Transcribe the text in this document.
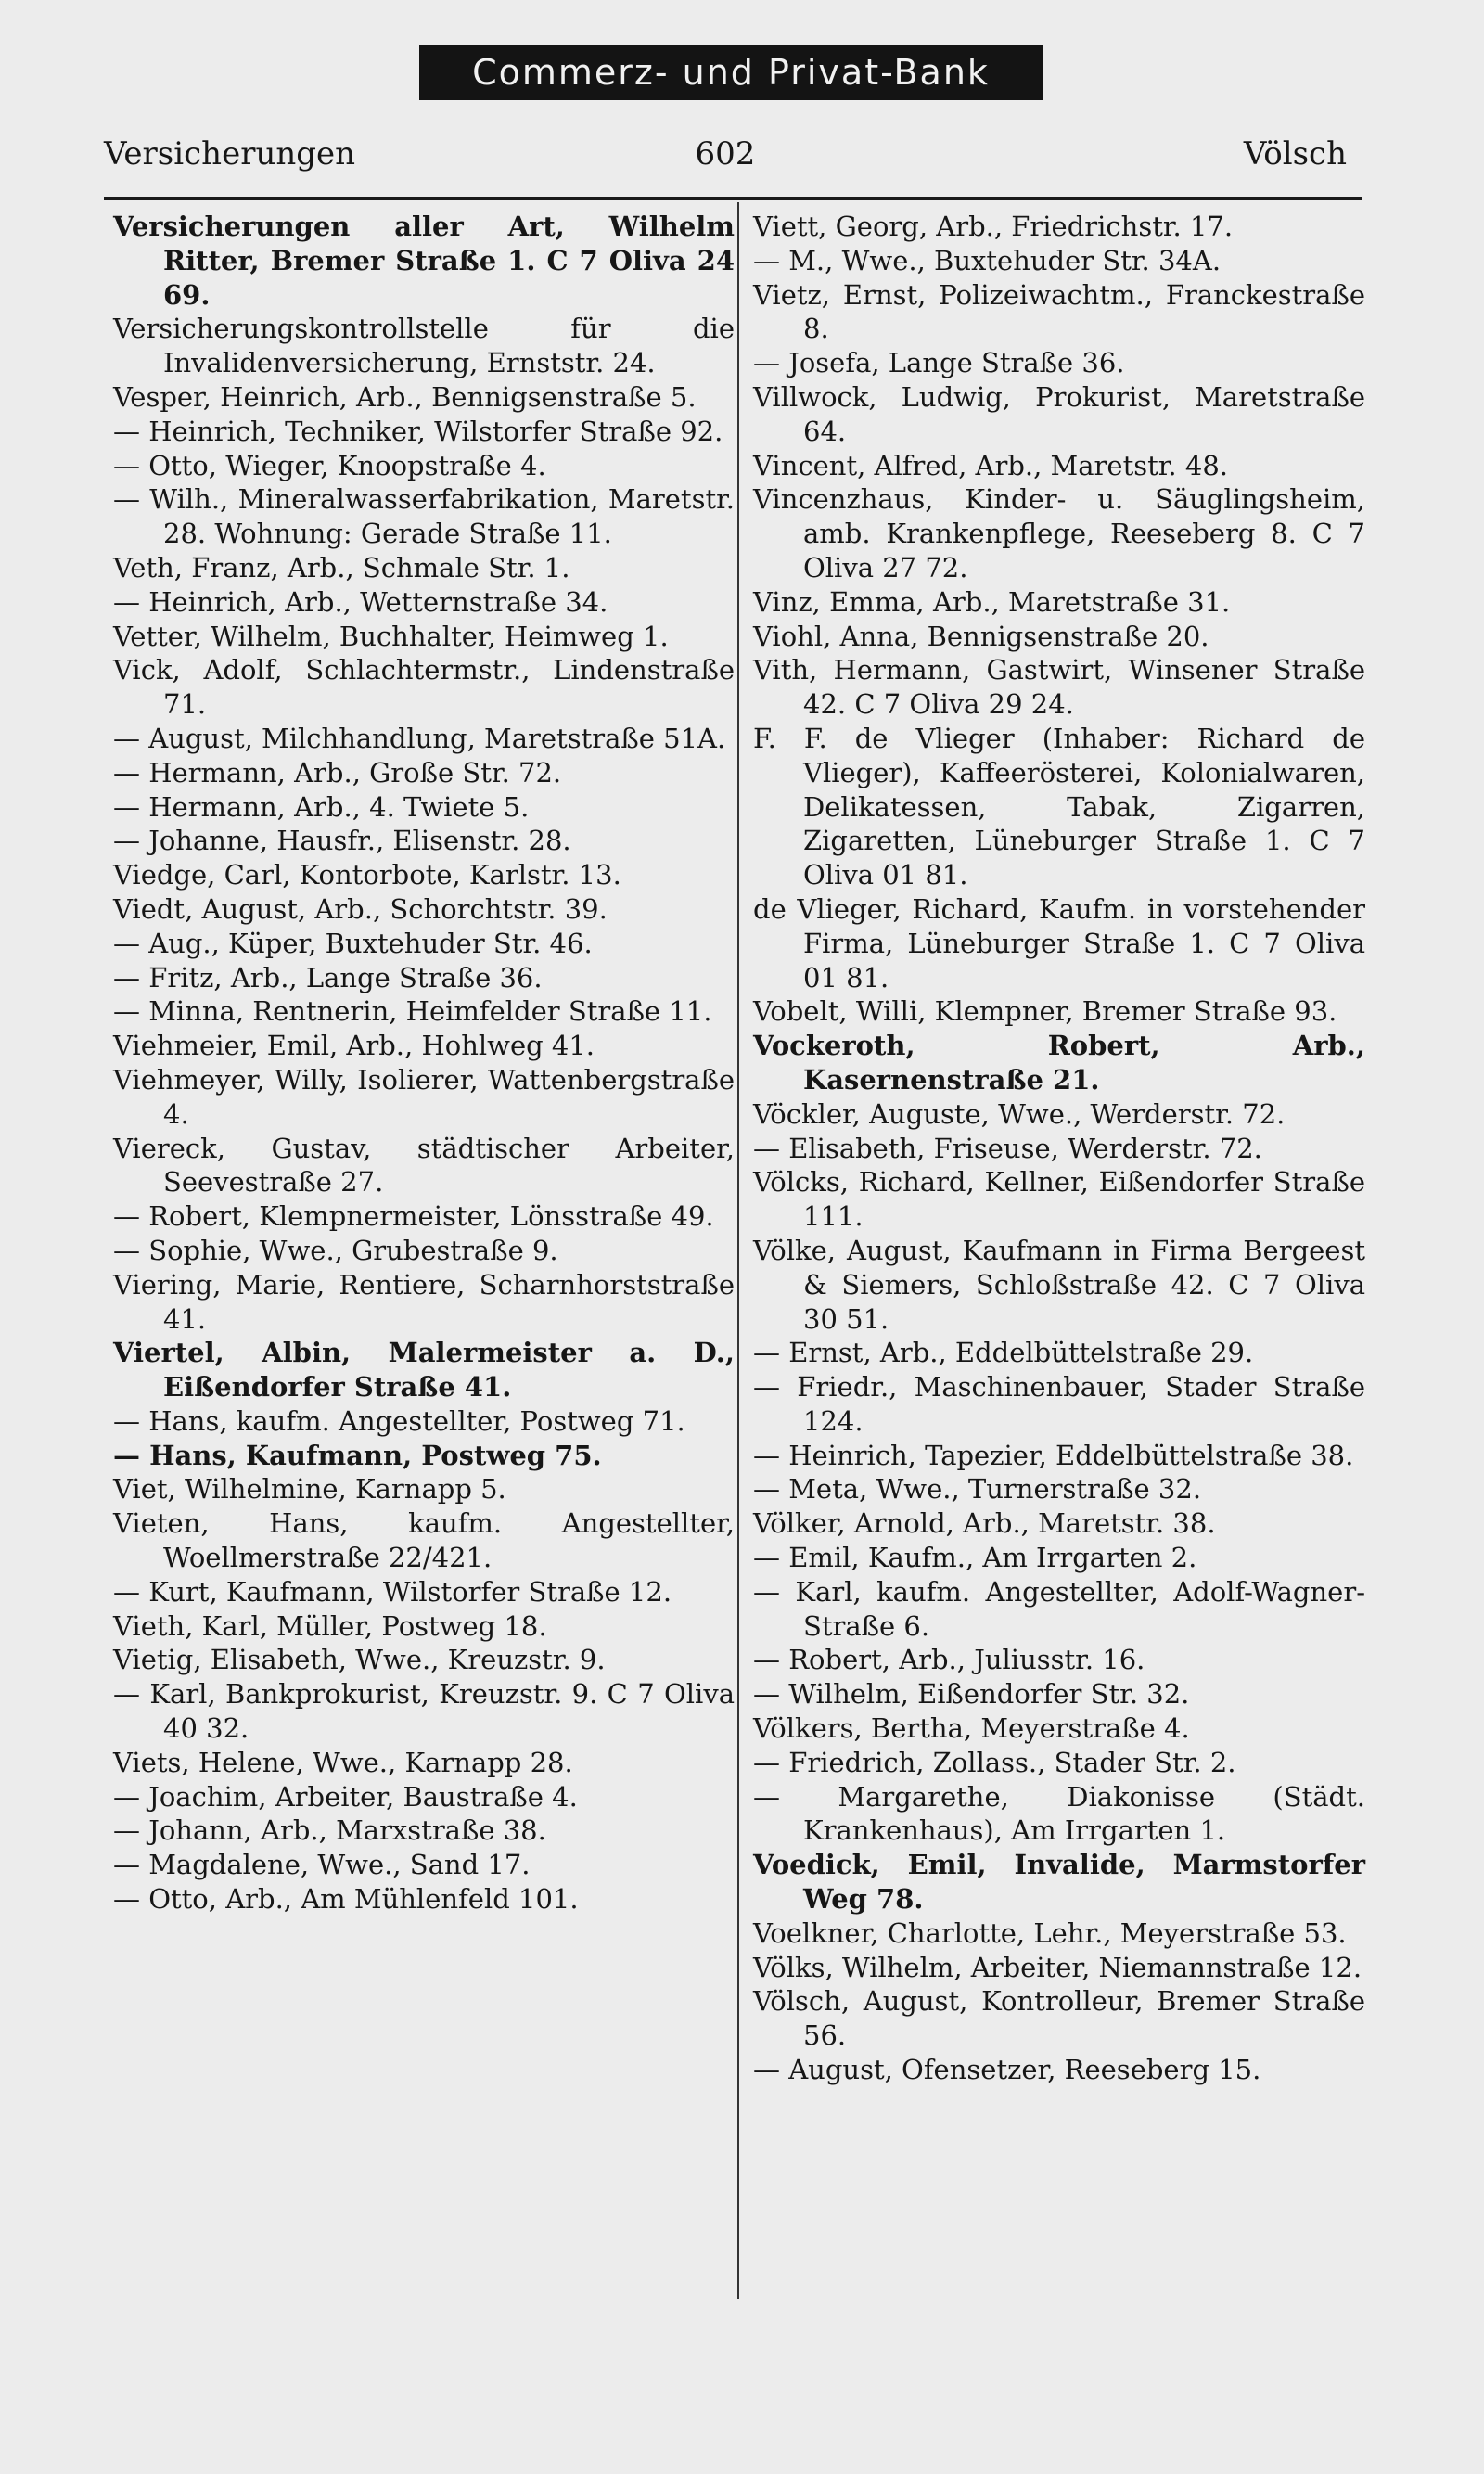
Commerz- und Privat-Bank
Versicherungen	602	Völsch

Versicherungen aller Art, Wilhelm Ritter, Bremer Straße 1. C 7 Oliva 24 69.

Versicherungskontrollstelle für die Invalidenversicherung, Ernststr. 24.

Vesper, Heinrich, Arb., Bennigsenstraße 5.

— Heinrich, Techniker, Wilstorfer Straße 92.

— Otto, Wieger, Knoopstraße 4.

— Wilh., Mineralwasserfabrikation, Maretstr. 28. Wohnung: Gerade Straße 11.

Veth, Franz, Arb., Schmale Str. 1.

— Heinrich, Arb., Wetternstraße 34.

Vetter, Wilhelm, Buchhalter, Heimweg 1.

Vick, Adolf, Schlachtermstr., Lindenstraße 71.

— August, Milchhandlung, Maretstraße 51A.

— Hermann, Arb., Große Str. 72.

— Hermann, Arb., 4. Twiete 5.

— Johanne, Hausfr., Elisenstr. 28.

Viedge, Carl, Kontorbote, Karlstr. 13.

Viedt, August, Arb., Schorchtstr. 39.

— Aug., Küper, Buxtehuder Str. 46.

— Fritz, Arb., Lange Straße 36.

— Minna, Rentnerin, Heimfelder Straße 11.

Viehmeier, Emil, Arb., Hohlweg 41.

Viehmeyer, Willy, Isolierer, Wattenbergstraße 4.

Viereck, Gustav, städtischer Arbeiter, Seevestraße 27.

— Robert, Klempnermeister, Lönsstraße 49.

— Sophie, Wwe., Grubestraße 9.

Viering, Marie, Rentiere, Scharnhorststraße 41.

Viertel, Albin, Malermeister a. D., Eißendorfer Straße 41.

— Hans, kaufm. Angestellter, Postweg 71.

— Hans, Kaufmann, Postweg 75.

Viet, Wilhelmine, Karnapp 5.

Vieten, Hans, kaufm. Angestellter, Woellmerstraße 22/421.

— Kurt, Kaufmann, Wilstorfer Straße 12.

Vieth, Karl, Müller, Postweg 18.

Vietig, Elisabeth, Wwe., Kreuzstr. 9.

— Karl, Bankprokurist, Kreuzstr. 9. C 7 Oliva 40 32.

Viets, Helene, Wwe., Karnapp 28.

— Joachim, Arbeiter, Baustraße 4.

— Johann, Arb., Marxstraße 38.

— Magdalene, Wwe., Sand 17.

— Otto, Arb., Am Mühlenfeld 101.

Viett, Georg, Arb., Friedrichstr. 17.

— M., Wwe., Buxtehuder Str. 34A.

Vietz, Ernst, Polizeiwachtm., Franckestraße 8.

— Josefa, Lange Straße 36.

Villwock, Ludwig, Prokurist, Maretstraße 64.

Vincent, Alfred, Arb., Maretstr. 48.

Vincenzhaus, Kinder- u. Säuglingsheim, amb. Krankenpflege, Reeseberg 8. C 7 Oliva 27 72.

Vinz, Emma, Arb., Maretstraße 31.

Viohl, Anna, Bennigsenstraße 20.

Vith, Hermann, Gastwirt, Winsener Straße 42. C 7 Oliva 29 24.

F. F. de Vlieger (Inhaber: Richard de Vlieger), Kaffeerösterei, Kolonialwaren, Delikatessen, Tabak, Zigarren, Zigaretten, Lüneburger Straße 1. C 7 Oliva 01 81.

de Vlieger, Richard, Kaufm. in vorstehender Firma, Lüneburger Straße 1. C 7 Oliva 01 81.

Vobelt, Willi, Klempner, Bremer Straße 93.

Vockeroth, Robert, Arb., Kasernenstraße 21.

Vöckler, Auguste, Wwe., Werderstr. 72.

— Elisabeth, Friseuse, Werderstr. 72.

Völcks, Richard, Kellner, Eißendorfer Straße 111.

Völke, August, Kaufmann in Firma Bergeest & Siemers, Schloßstraße 42. C 7 Oliva 30 51.

— Ernst, Arb., Eddelbüttelstraße 29.

— Friedr., Maschinenbauer, Stader Straße 124.

— Heinrich, Tapezier, Eddelbüttelstraße 38.

— Meta, Wwe., Turnerstraße 32.

Völker, Arnold, Arb., Maretstr. 38.

— Emil, Kaufm., Am Irrgarten 2.

— Karl, kaufm. Angestellter, Adolf-Wagner-Straße 6.

— Robert, Arb., Juliusstr. 16.

— Wilhelm, Eißendorfer Str. 32.

Völkers, Bertha, Meyerstraße 4.

— Friedrich, Zollass., Stader Str. 2.

— Margarethe, Diakonisse (Städt. Krankenhaus), Am Irrgarten 1.

Voedick, Emil, Invalide, Marmstorfer Weg 78.

Voelkner, Charlotte, Lehr., Meyerstraße 53.

Völks, Wilhelm, Arbeiter, Niemannstraße 12.

Völsch, August, Kontrolleur, Bremer Straße 56.

— August, Ofensetzer, Reeseberg 15.
